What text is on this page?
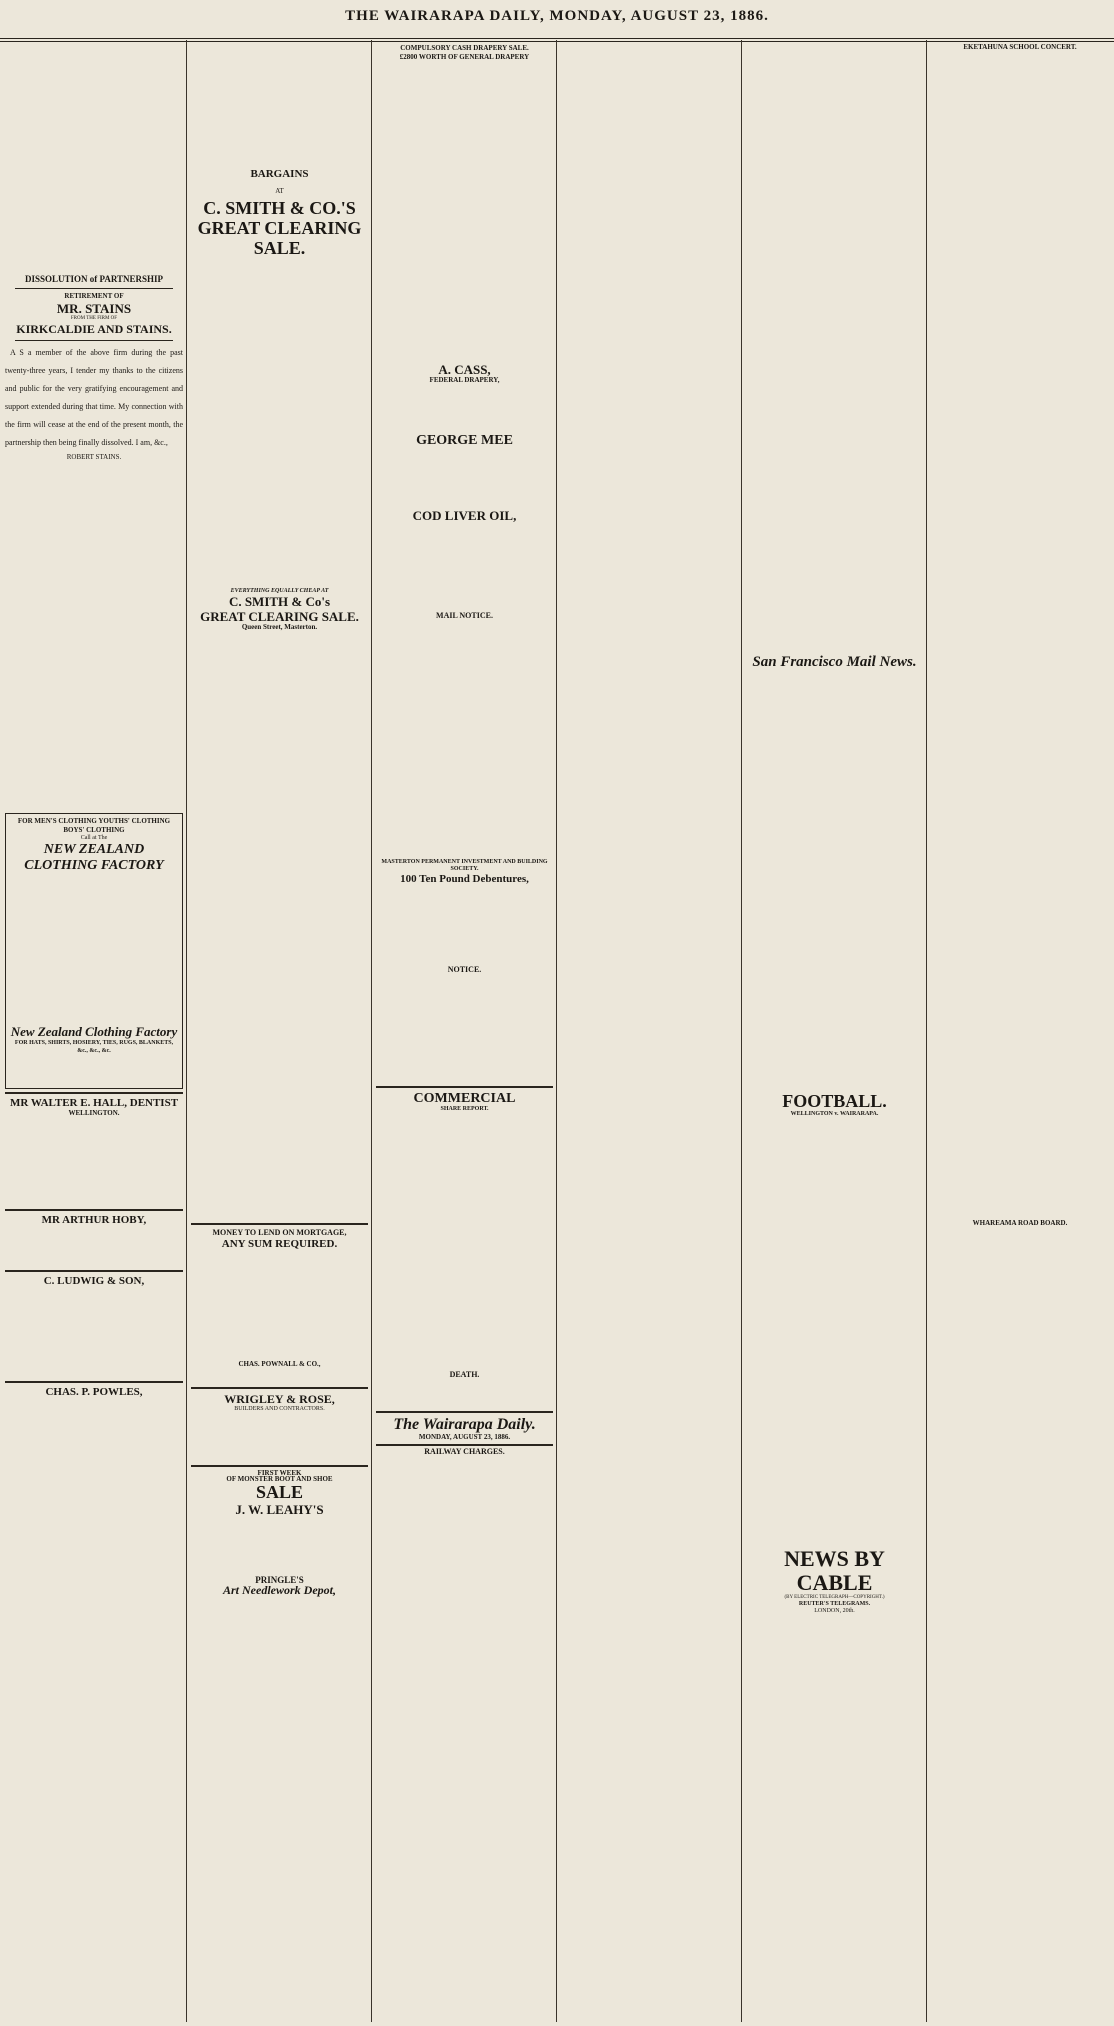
THE WAIRARAPA DAILY, MONDAY, AUGUST 23, 1886.
DISSOLUTION of PARTNERSHIP
RETIREMENT OF
MR. STAINS
FROM THE FIRM OF
KIRKCALDIE AND STAINS.

A S a member of the above firm during the past twenty-three years, I tender my thanks to the citizens and public for the very gratifying encouragement and support extended during that time. My connection with the firm will cease at the end of the present month, the partnership then being finally dissolved. I am, &c.,

ROBERT STAINS.
FOR MEN'S CLOTHING YOUTHS' CLOTHING BOYS' CLOTHING
Call at The
NEW ZEALAND CLOTHING FACTORY
New Zealand Clothing Factory
FOR HATS, SHIRTS, HOSIERY, TIES, RUGS, BLANKETS, &c., &c., &c.
MR WALTER E. HALL, DENTIST
WELLINGTON.
MR ARTHUR HOBY,
C. LUDWIG & SON,
CHAS. P. POWLES,
BARGAINS
AT
C. SMITH & CO.'S
GREAT CLEARING
SALE.
EVERYTHING EQUALLY CHEAP AT
C. SMITH & Co's
GREAT CLEARING SALE.
Queen Street, Masterton.
MONEY TO LEND ON MORTGAGE,
ANY SUM REQUIRED.
CHAS. POWNALL & CO.,
WRIGLEY & ROSE,
BUILDERS AND CONTRACTORS.
FIRST WEEK
OF MONSTER BOOT AND SHOE
SALE
J. W. LEAHY'S
PRINGLE'S
Art Needlework Depot,
COMPULSORY CASH DRAPERY SALE.
£2800 WORTH OF GENERAL DRAPERY
A. CASS,
FEDERAL DRAPERY,
GEORGE MEE
COD LIVER OIL,
MAIL NOTICE.
MASTERTON PERMANENT INVESTMENT AND BUILDING SOCIETY.
100 Ten Pound Debentures,
NOTICE.
COMMERCIAL
SHARE REPORT.
DEATH.
The Wairarapa Daily.
MONDAY, AUGUST 23, 1886.
RAILWAY CHARGES.
San Francisco Mail News.
FOOTBALL.
WELLINGTON v. WAIRARAPA.
NEWS BY CABLE
(BY ELECTRIC TELEGRAPH—COPYRIGHT.)
REUTER'S TELEGRAMS.
LONDON, 20th.
EKETAHUNA SCHOOL CONCERT.
WHAREAMA ROAD BOARD.
